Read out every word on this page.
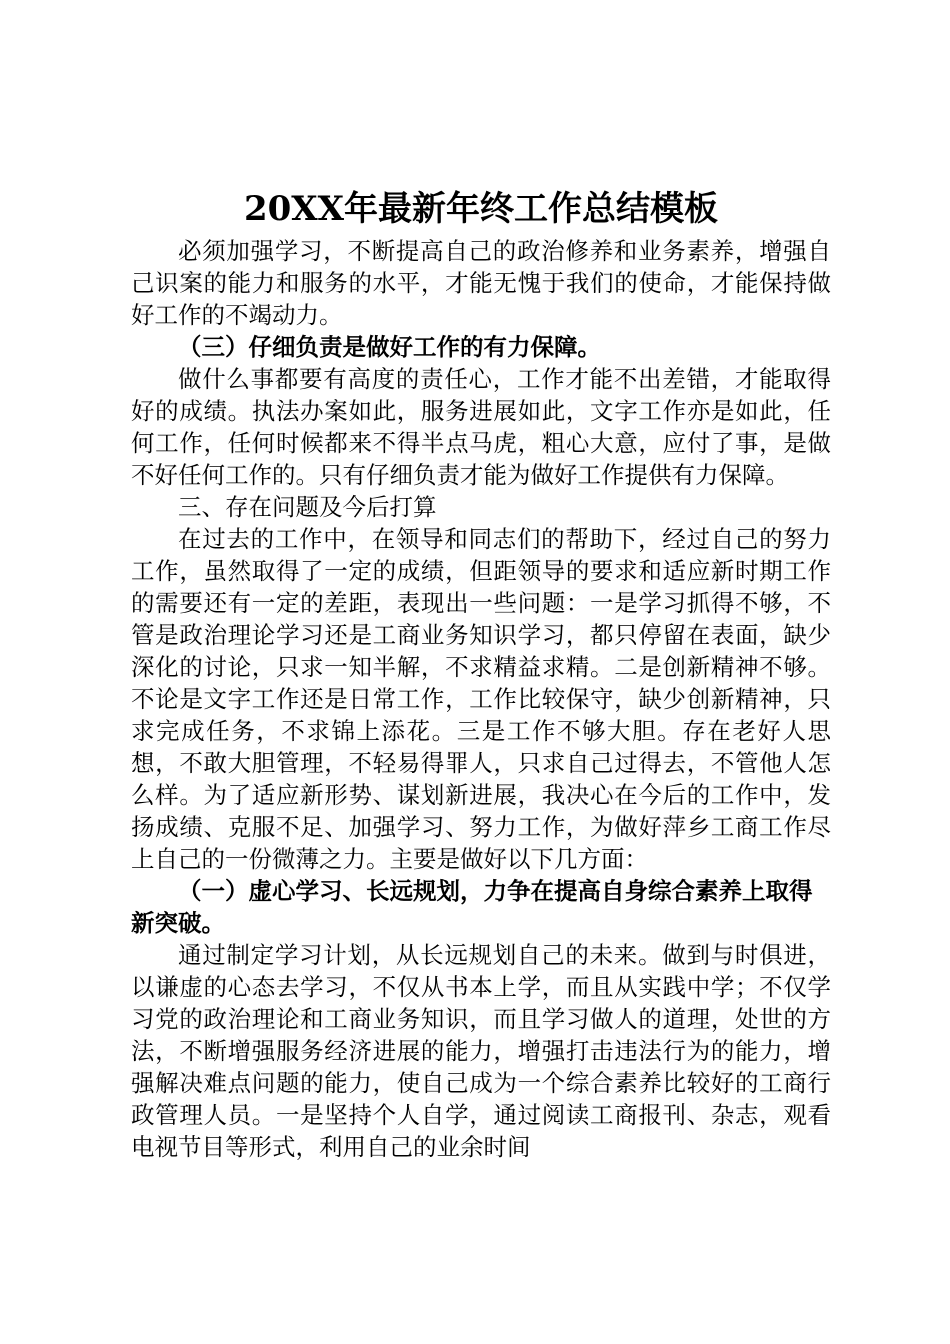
20XX年最新年终工作总结模板

必须加强学习，不断提高自己的政治修养和业务素养，增强自己识案的能力和服务的水平，才能无愧于我们的使命，才能保持做好工作的不竭动力。

（三）仔细负责是做好工作的有力保障。

做什么事都要有高度的责任心，工作才能不出差错，才能取得好的成绩。执法办案如此，服务进展如此，文字工作亦是如此，任何工作，任何时候都来不得半点马虎，粗心大意，应付了事，是做不好任何工作的。只有仔细负责才能为做好工作提供有力保障。

三、存在问题及今后打算

在过去的工作中，在领导和同志们的帮助下，经过自己的努力工作，虽然取得了一定的成绩，但距领导的要求和适应新时期工作的需要还有一定的差距，表现出一些问题：一是学习抓得不够，不管是政治理论学习还是工商业务知识学习，都只停留在表面，缺少深化的讨论，只求一知半解，不求精益求精。二是创新精神不够。不论是文字工作还是日常工作，工作比较保守，缺少创新精神，只求完成任务，不求锦上添花。三是工作不够大胆。存在老好人思想，不敢大胆管理，不轻易得罪人，只求自己过得去，不管他人怎么样。为了适应新形势、谋划新进展，我决心在今后的工作中，发扬成绩、克服不足、加强学习、努力工作，为做好萍乡工商工作尽上自己的一份微薄之力。主要是做好以下几方面：

（一）虚心学习、长远规划，力争在提高自身综合素养上取得新突破。

通过制定学习计划，从长远规划自己的未来。做到与时俱进，以谦虚的心态去学习，不仅从书本上学，而且从实践中学；不仅学习党的政治理论和工商业务知识，而且学习做人的道理，处世的方法，不断增强服务经济进展的能力，增强打击违法行为的能力，增强解决难点问题的能力，使自己成为一个综合素养比较好的工商行政管理人员。一是坚持个人自学，通过阅读工商报刊、杂志，观看电视节目等形式，利用自己的业余时间
